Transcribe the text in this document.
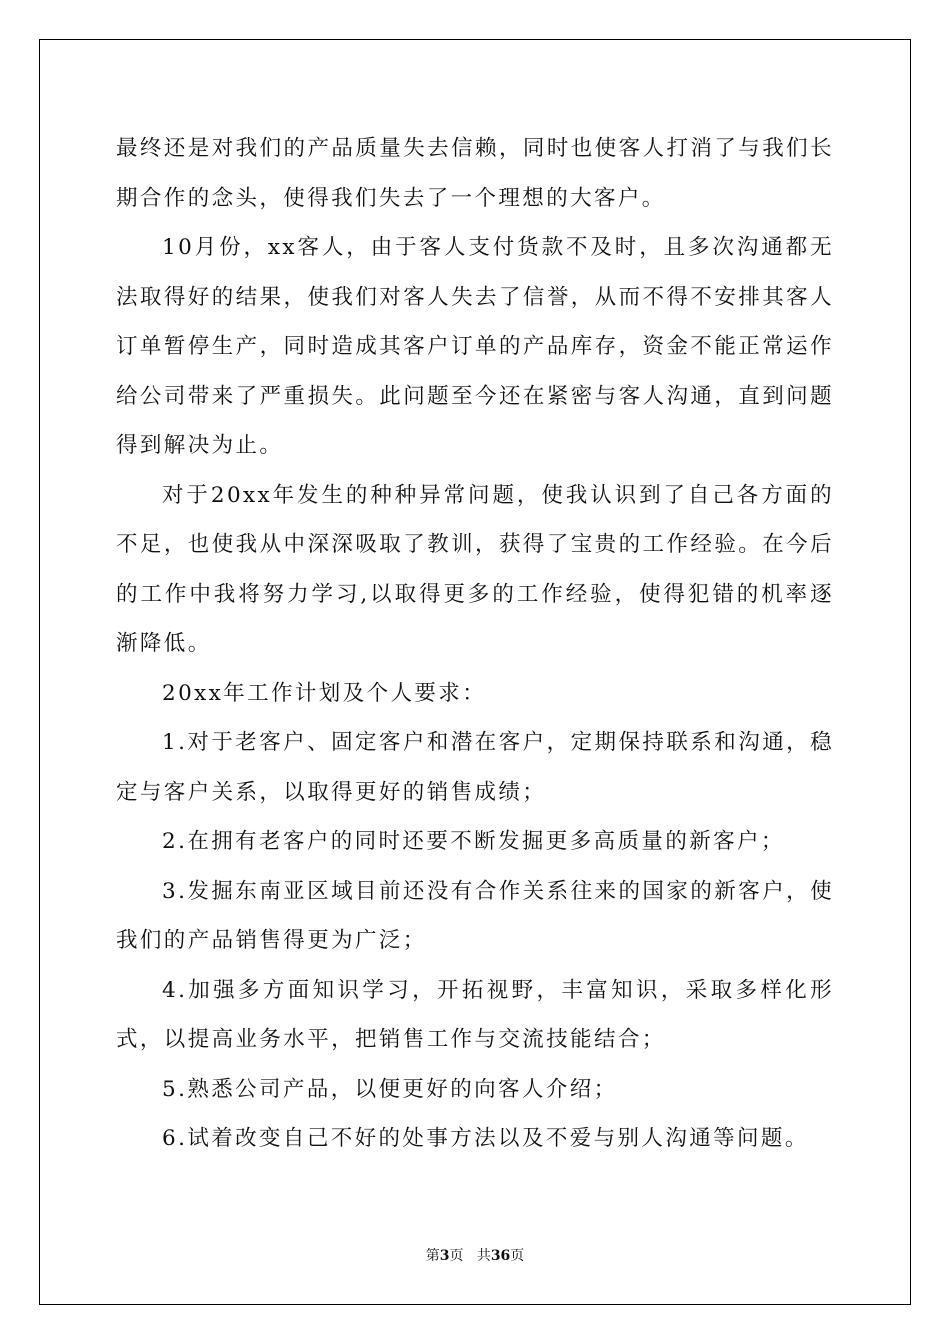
最终还是对我们的产品质量失去信赖，同时也使客人打消了与我们长期合作的念头，使得我们失去了一个理想的大客户。

10月份，xx客人，由于客人支付货款不及时，且多次沟通都无法取得好的结果，使我们对客人失去了信誉，从而不得不安排其客人订单暂停生产，同时造成其客户订单的产品库存，资金不能正常运作给公司带来了严重损失。此问题至今还在紧密与客人沟通，直到问题得到解决为止。

对于20xx年发生的种种异常问题，使我认识到了自己各方面的不足，也使我从中深深吸取了教训，获得了宝贵的工作经验。在今后的工作中我将努力学习,以取得更多的工作经验，使得犯错的机率逐渐降低。

20xx年工作计划及个人要求：

1.对于老客户、固定客户和潜在客户，定期保持联系和沟通，稳定与客户关系，以取得更好的销售成绩；

2.在拥有老客户的同时还要不断发掘更多高质量的新客户；

3.发掘东南亚区域目前还没有合作关系往来的国家的新客户，使我们的产品销售得更为广泛；

4.加强多方面知识学习，开拓视野，丰富知识，采取多样化形式，以提高业务水平，把销售工作与交流技能结合；

5.熟悉公司产品，以便更好的向客人介绍；

6.试着改变自己不好的处事方法以及不爱与别人沟通等问题。

第3页 共36页
